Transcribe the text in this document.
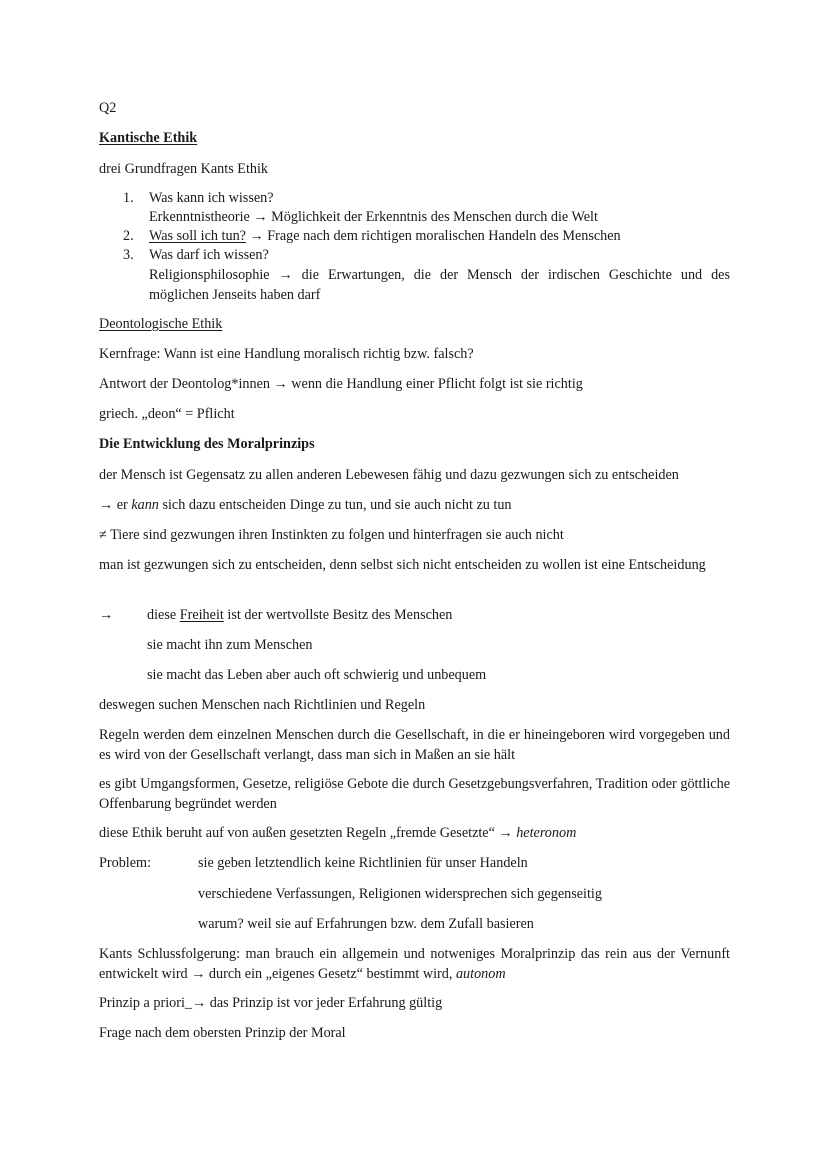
Q2
Kantische Ethik
drei Grundfragen Kants Ethik
1. Was kann ich wissen?
Erkenntnistheorie → Möglichkeit der Erkenntnis des Menschen durch die Welt
2. Was soll ich tun? → Frage nach dem richtigen moralischen Handeln des Menschen
3. Was darf ich wissen?
Religionsphilosophie → die Erwartungen, die der Mensch der irdischen Geschichte und des möglichen Jenseits haben darf
Deontologische Ethik
Kernfrage: Wann ist eine Handlung moralisch richtig bzw. falsch?
Antwort der Deontolog*innen → wenn die Handlung einer Pflicht folgt ist sie richtig
griech. „deon“ = Pflicht
Die Entwicklung des Moralprinzips
der Mensch ist Gegensatz zu allen anderen Lebewesen fähig und dazu gezwungen sich zu entscheiden
→ er kann sich dazu entscheiden Dinge zu tun, und sie auch nicht zu tun
≠ Tiere sind gezwungen ihren Instinkten zu folgen und hinterfragen sie auch nicht
man ist gezwungen sich zu entscheiden, denn selbst sich nicht entscheiden zu wollen ist eine Entscheidung
→ diese Freiheit ist der wertvollste Besitz des Menschen
sie macht ihn zum Menschen
sie macht das Leben aber auch oft schwierig und unbequem
deswegen suchen Menschen nach Richtlinien und Regeln
Regeln werden dem einzelnen Menschen durch die Gesellschaft, in die er hineingeboren wird vorgegeben und es wird von der Gesellschaft verlangt, dass man sich in Maßen an sie hält
es gibt Umgangsformen, Gesetze, religiöse Gebote die durch Gesetzgebungsverfahren, Tradition oder göttliche Offenbarung begründet werden
diese Ethik beruht auf von außen gesetzten Regeln „fremde Gesetzte“ → heteronom
Problem:	sie geben letztendlich keine Richtlinien für unser Handeln
verschiedene Verfassungen, Religionen widersprechen sich gegenseitig
warum? weil sie auf Erfahrungen bzw. dem Zufall basieren
Kants Schlussfolgerung: man brauch ein allgemein und notweniges Moralprinzip das rein aus der Vernunft entwickelt wird → durch ein „eigenes Gesetz“ bestimmt wird, autonom
Prinzip a priori_→ das Prinzip ist vor jeder Erfahrung gültig
Frage nach dem obersten Prinzip der Moral
